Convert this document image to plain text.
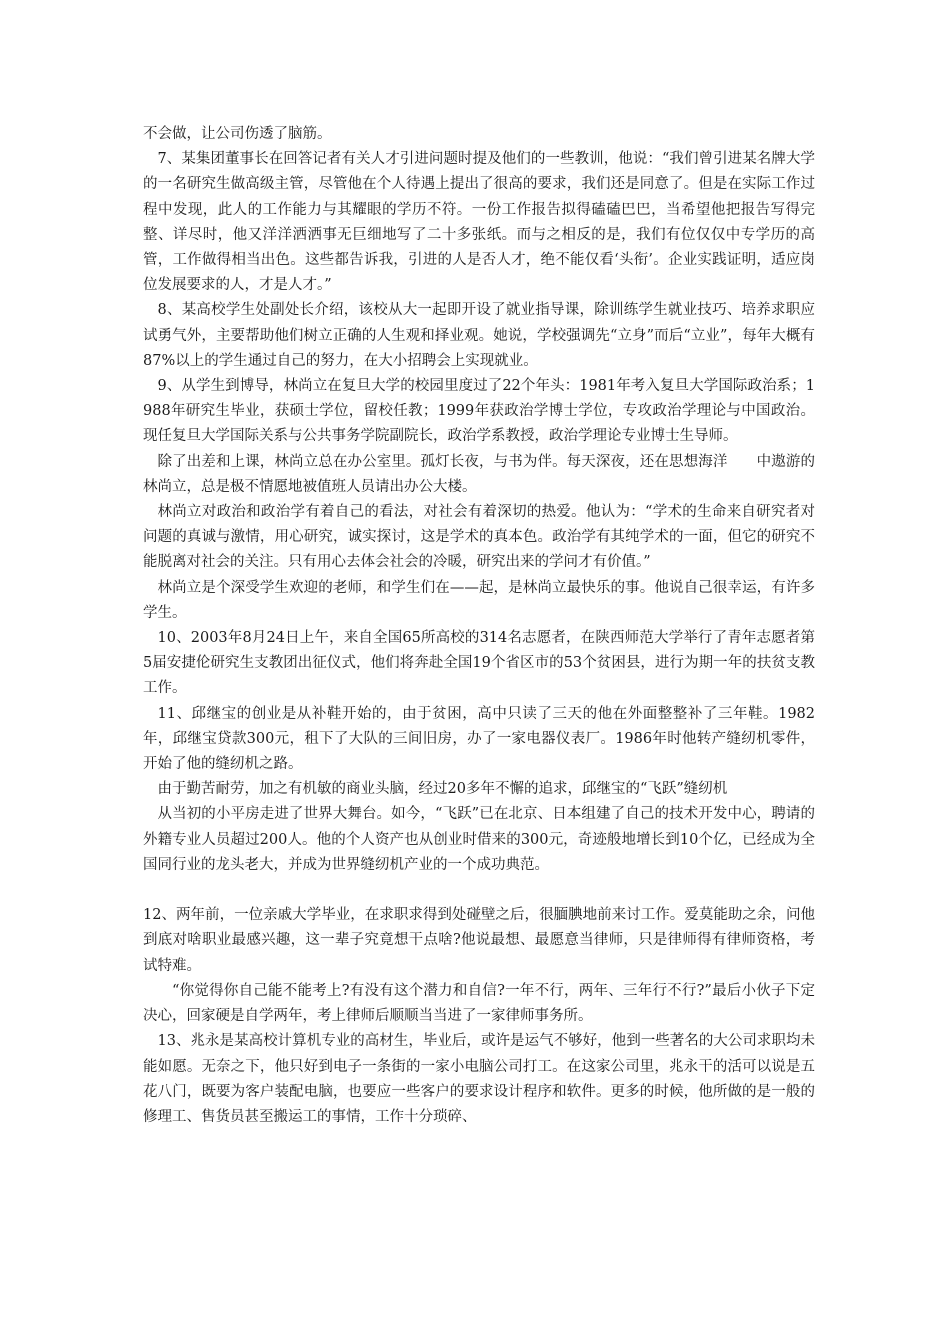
不会做，让公司伤透了脑筋。

7、某集团董事长在回答记者有关人才引进问题时提及他们的一些教训，他说：“我们曾引进某名牌大学的一名研究生做高级主管，尽管他在个人待遇上提出了很高的要求，我们还是同意了。但是在实际工作过程中发现，此人的工作能力与其耀眼的学历不符。一份工作报告拟得磕磕巴巴，当希望他把报告写得完整、详尽时，他又洋洋洒洒事无巨细地写了二十多张纸。而与之相反的是，我们有位仅仅中专学历的高管，工作做得相当出色。这些都告诉我，引进的人是否人才，绝不能仅看‘头衔’。企业实践证明，适应岗位发展要求的人，才是人才。”

8、某高校学生处副处长介绍，该校从大一起即开设了就业指导课，除训练学生就业技巧、培养求职应试勇气外，主要帮助他们树立正确的人生观和择业观。她说，学校强调先“立身”而后“立业”，每年大概有87%以上的学生通过自己的努力，在大小招聘会上实现就业。

9、从学生到博导，林尚立在复旦大学的校园里度过了22个年头：1981年考入复旦大学国际政治系；1988年研究生毕业，获硕士学位，留校任教；1999年获政治学博士学位，专攻政治学理论与中国政治。现任复旦大学国际关系与公共事务学院副院长，政治学系教授，政治学理论专业博士生导师。

除了出差和上课，林尚立总在办公室里。孤灯长夜，与书为伴。每天深夜，还在思想海洋　　中遨游的林尚立，总是极不情愿地被值班人员请出办公大楼。

林尚立对政治和政治学有着自己的看法，对社会有着深切的热爱。他认为：“学术的生命来自研究者对问题的真诚与激情，用心研究，诚实探讨，这是学术的真本色。政治学有其纯学术的一面，但它的研究不能脱离对社会的关注。只有用心去体会社会的冷暖，研究出来的学问才有价值。”

林尚立是个深受学生欢迎的老师，和学生们在——起，是林尚立最快乐的事。他说自己很幸运，有许多学生。

10、2003年8月24日上午，来自全国65所高校的314名志愿者，在陕西师范大学举行了青年志愿者第5届安捷伦研究生支教团出征仪式，他们将奔赴全国19个省区市的53个贫困县，进行为期一年的扶贫支教工作。

11、邱继宝的创业是从补鞋开始的，由于贫困，高中只读了三天的他在外面整整补了三年鞋。1982年，邱继宝贷款300元，租下了大队的三间旧房，办了一家电器仪表厂。1986年时他转产缝纫机零件，开始了他的缝纫机之路。

由于勤苦耐劳，加之有机敏的商业头脑，经过20多年不懈的追求，邱继宝的“飞跃”缝纫机

从当初的小平房走进了世界大舞台。如今，“飞跃”已在北京、日本组建了自己的技术开发中心，聘请的外籍专业人员超过200人。他的个人资产也从创业时借来的300元，奇迹般地增长到10个亿，已经成为全国同行业的龙头老大，并成为世界缝纫机产业的一个成功典范。

12、两年前，一位亲戚大学毕业，在求职求得到处碰壁之后，很腼腆地前来讨工作。爱莫能助之余，问他到底对啥职业最感兴趣，这一辈子究竟想干点啥?他说最想、最愿意当律师，只是律师得有律师资格，考试特难。

“你觉得你自己能不能考上?有没有这个潜力和自信?一年不行，两年、三年行不行?”最后小伙子下定决心，回家硬是自学两年，考上律师后顺顺当当进了一家律师事务所。

13、兆永是某高校计算机专业的高材生，毕业后，或许是运气不够好，他到一些著名的大公司求职均未能如愿。无奈之下，他只好到电子一条街的一家小电脑公司打工。在这家公司里，兆永干的活可以说是五花八门，既要为客户装配电脑，也要应一些客户的要求设计程序和软件。更多的时候，他所做的是一般的修理工、售货员甚至搬运工的事情，工作十分琐碎、
